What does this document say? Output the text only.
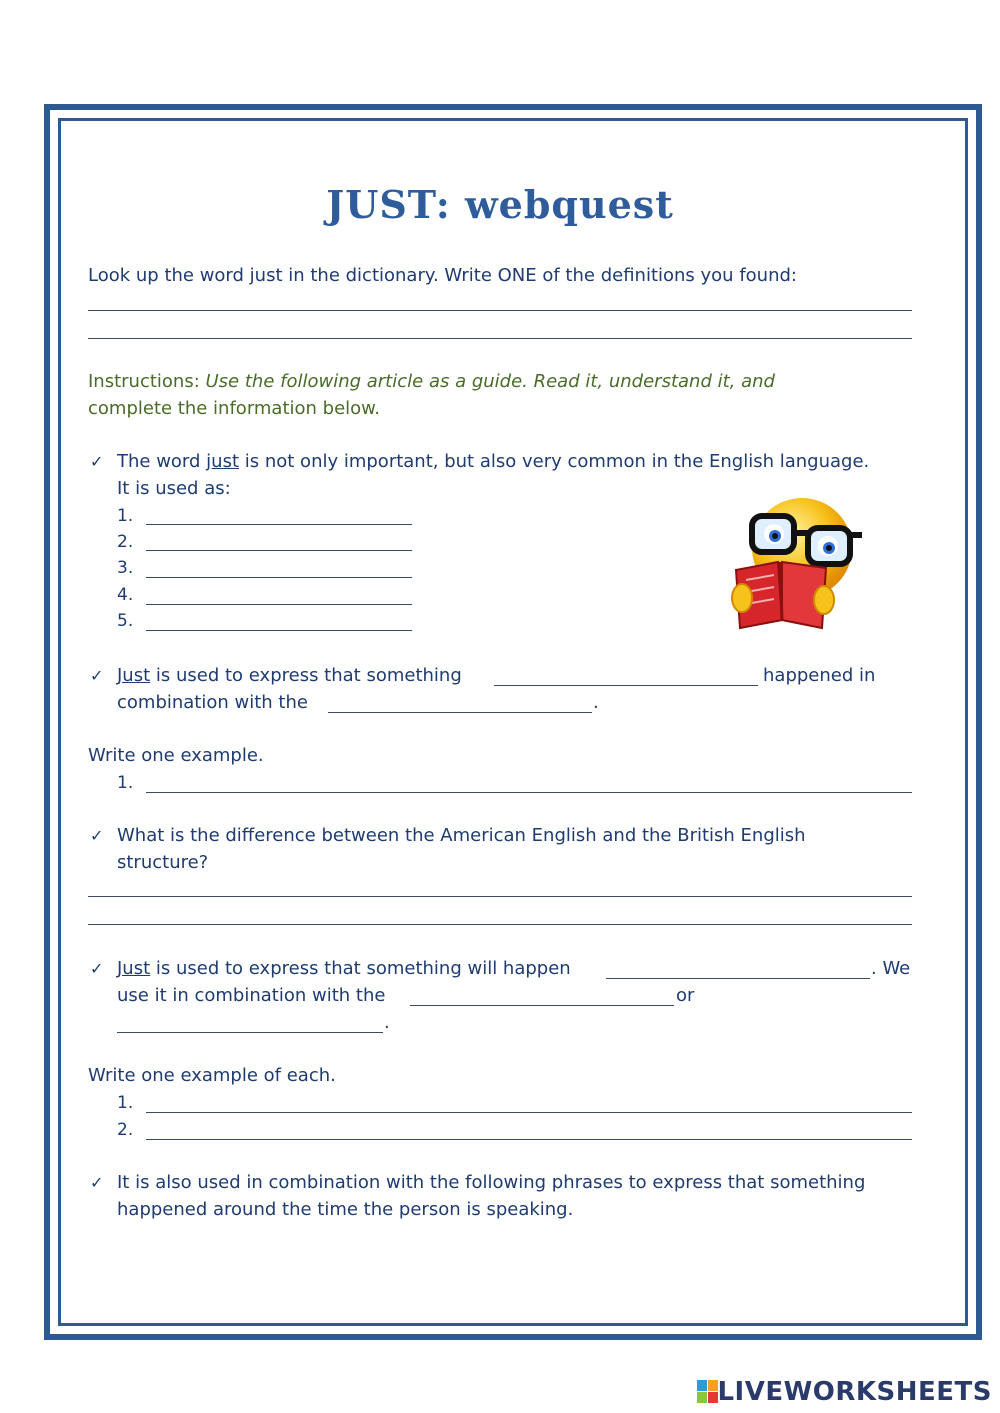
JUST: webquest
Look up the word just in the dictionary. Write ONE of the definitions you found:
Instructions: Use the following article as a guide. Read it, understand it, and
complete the information below.
✓ The word just is not only important, but also very common in the English language.
It is used as:
1.
2.
3.
4.
5.
✓ Just is used to express that something	happened in
combination with the	.
Write one example.
1.
✓ What is the difference between the American English and the British English
structure?
✓ Just is used to express that something will happen	. We
use it in combination with the	or
.
Write one example of each.
1.
2.
✓ It is also used in combination with the following phrases to express that something
happened around the time the person is speaking.
LIVEWORKSHEETS
